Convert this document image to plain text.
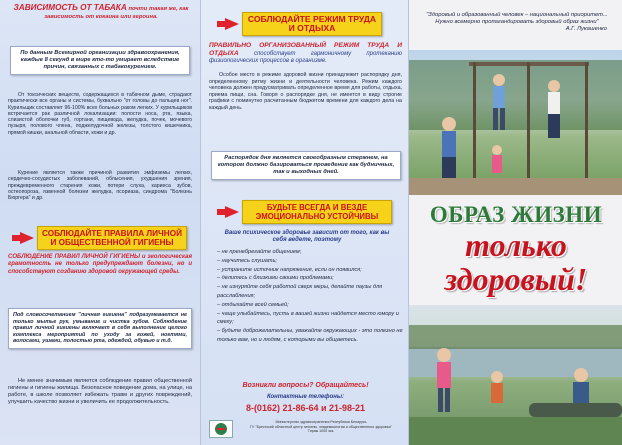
ЗАВИСИМОСТЬ ОТ ТАБАКА почти такая же, как зависимость от кокаина или героина.
По данным Всемирной организации здравоохранения, каждые 8 секунд в мире кто-то умирает вследствие причин, связанных с табакокурением.

От токсических веществ, содержащихся в табачном дыме, страдают практически все органы и системы, буквально "от головы до пальцев ног". Курильщик составляет 96-100% всех больных раком легких. У курильщиков встречается рак различной локализации: полости носа, рта, языка, слизистой оболочки губ, гортани, пищевода, желудка, почек, мочевого пузыря, полового члена, поджелудочной железы, толстого кишечника, прямой кишки, анальной области, кожи и др.

Курение является также причиной развития эмфиземы легких, сердечно-сосудистых заболеваний, облысения, ухудшения зрения, преждевременного старения кожи, потери слуха, кариеса зубов, остеопороза, язвенной болезни желудка, псориаза, синдрома "Болезнь Бюргера" и др.

СОБЛЮДАЙТЕ ПРАВИЛА ЛИЧНОЙ И ОБЩЕСТВЕННОЙ ГИГИЕНЫ

СОБЛЮДЕНИЕ ПРАВИЛ ЛИЧНОЙ ГИГИЕНЫ и экологическая грамотность не только предупреждают болезни, но и способствуют созданию здоровой окружающей среды.

Под словосочетанием "личная гигиена" подразумевается не только мытье рук, умывание и чистка зубов. Соблюдение правил личной гигиены включает в себя выполнение целого комплекса мероприятий по уходу за кожей, ногтями, волосами, ушами, полостью рта, одеждой, обувью и т.д.

Не менее значимым является соблюдение правил общественной гигиены и гигиены жилища. Безопасное поведение дома, на улице, на работе, в школе позволяет избежать травм и других повреждений, улучшить качество жизни и увеличить ее продолжительность.

СОБЛЮДАЙТЕ РЕЖИМ ТРУДА И ОТДЫХА
ПРАВИЛЬНО ОРГАНИЗОВАННЫЙ РЕЖИМ ТРУДА И ОТДЫХА	способствует гармоничному протеканию физиологических процессов в организме.

Особое место в режиме здоровой жизни принадлежит распорядку дня, определенному ритму жизни и деятельности человека. Режим каждого человека должен предусматривать определенное время для работы, отдыха, приема пищи, сна. Говоря о распорядке дня, не имеется в виду строгие графики с поминутно расчитанным бюджетом времени для каждого дела на каждый день.

Распорядок дня является своеобразным стержнем, на котором должно базироваться проведение как будничных, так и выходных дней.
БУДЬТЕ ВСЕГДА И ВЕЗДЕ ЭМОЦИОНАЛЬНО УСТОЙЧИВЫ

Ваше психическое здоровье зависит от того, как вы себя ведете, поэтому

– не пренебрегайте общением;
– научитесь слушать;
– устраните источник напряжения, если он появился;
– делитесь с близкими своими проблемами;
– не изнуряйте себя работой сверх меры, делайте паузы для расслабления;
– отдыхайте всей семьей;
– чаще улыбайтесь, пусть в вашей жизни найдется место юмору и смеху;
– будьте доброжелательны, уважайте окружающих - это полезно не только вам, но и людям, с которыми вы общаетесь.
Возникли вопросы? Обращайтесь!
Контактные телефоны:
8-(0162) 21-86-64 и 21-98-21
Министерство здравоохранения Республики Беларусь
ГУ "Брестский областной центр гигиены, эпидемиологии и общественного здоровья"
Тираж 1000 экз.
"Здоровый и образованный человек – национальный приоритет... Нужно всемерно пропагандировать здоровый образ жизни"
А.Г. Лукашенко
ОБРАЗ ЖИЗНИ
только
здоровый!
